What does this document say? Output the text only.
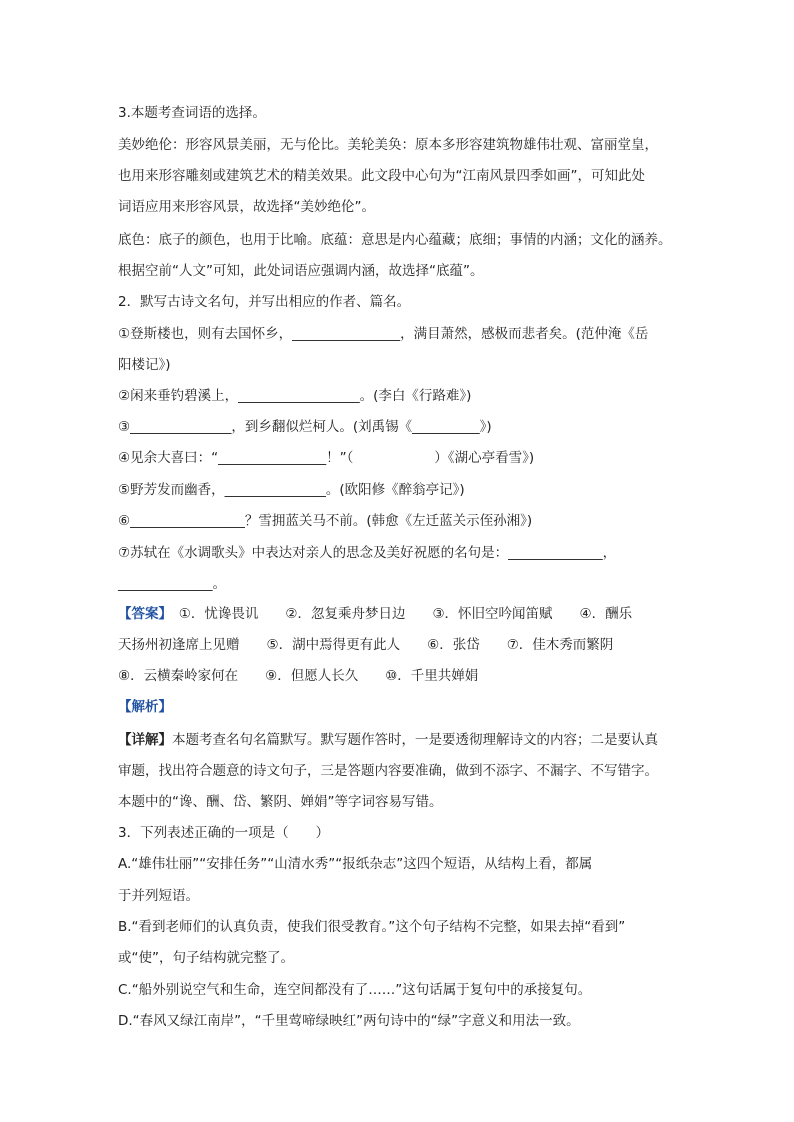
3.本题考查词语的选择。

美妙绝伦：形容风景美丽，无与伦比。美轮美奂：原本多形容建筑物雄伟壮观、富丽堂皇，

也用来形容雕刻或建筑艺术的精美效果。此文段中心句为“江南风景四季如画”，可知此处

词语应用来形容风景，故选择“美妙绝伦”。

底色：底子的颜色，也用于比喻。底蕴：意思是内心蕴藏；底细；事情的内涵；文化的涵养。

根据空前“人文”可知，此处词语应强调内涵，故选择“底蕴”。

2．默写古诗文名句，并写出相应的作者、篇名。

①登斯楼也，则有去国怀乡，________________，满目萧然，感极而悲者矣。(范仲淹《岳

阳楼记》)

②闲来垂钓碧溪上，__________________。(李白《行路难》)

③_______________，到乡翻似烂柯人。(刘禹锡《__________》)

④见余大喜曰：“________________！”（　　　　　　）《湖心亭看雪》)

⑤野芳发而幽香，_______________。(欧阳修《醉翁亭记》)

⑥_________________？雪拥蓝关马不前。(韩愈《左迁蓝关示侄孙湘》)

⑦苏轼在《水调歌头》中表达对亲人的思念及美好祝愿的名句是：______________，

______________。

【答案】　①．忧谗畏讥　　②．忽复乘舟梦日边　　③．怀旧空吟闻笛赋　　④．酬乐

天扬州初逢席上见赠　　⑤．湖中焉得更有此人　　⑥．张岱　　⑦．佳木秀而繁阴

⑧．云横秦岭家何在　　⑨．但愿人长久　　⑩．千里共婵娟

【解析】

【详解】本题考查名句名篇默写。默写题作答时，一是要透彻理解诗文的内容；二是要认真

审题，找出符合题意的诗文句子，三是答题内容要准确，做到不添字、不漏字、不写错字。

本题中的“谗、酬、岱、繁阴、婵娟”等字词容易写错。

3．下列表述正确的一项是（　　）

A.“雄伟壮丽”“安排任务”“山清水秀”“报纸杂志”这四个短语，从结构上看，都属

于并列短语。

B.“看到老师们的认真负责，使我们很受教育。”这个句子结构不完整，如果去掉“看到”

或“使”，句子结构就完整了。

C.“船外别说空气和生命，连空间都没有了……”这句话属于复句中的承接复句。

D.“春风又绿江南岸”，“千里莺啼绿映红”两句诗中的“绿”字意义和用法一致。
